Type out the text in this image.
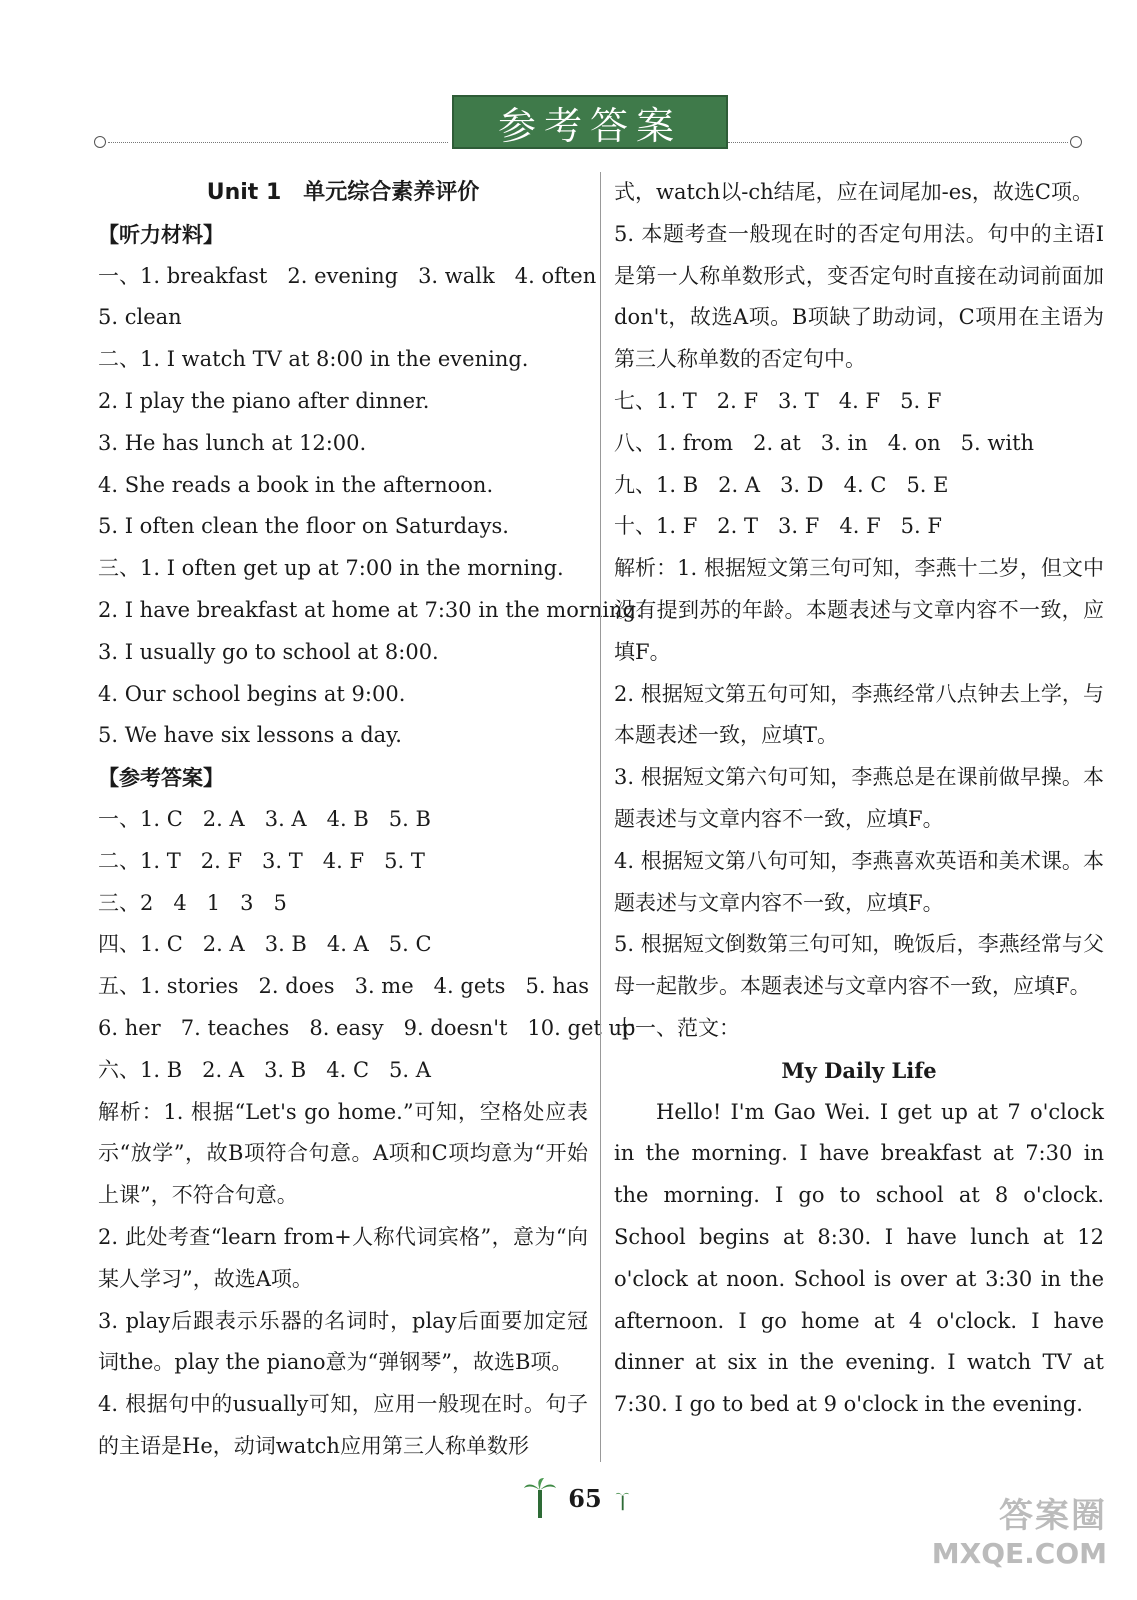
参考答案

Unit 1　单元综合素养评价

【听力材料】

一、1. breakfast   2. evening   3. walk   4. often

5. clean

二、1. I watch TV at 8:00 in the evening.

2. I play the piano after dinner.

3. He has lunch at 12:00.

4. She reads a book in the afternoon.

5. I often clean the floor on Saturdays.

三、1. I often get up at 7:00 in the morning.

2. I have breakfast at home at 7:30 in the morning.

3. I usually go to school at 8:00.

4. Our school begins at 9:00.

5. We have six lessons a day.

【参考答案】

一、1. C   2. A   3. A   4. B   5. B

二、1. T   2. F   3. T   4. F   5. T

三、2   4   1   3   5

四、1. C   2. A   3. B   4. A   5. C

五、1. stories   2. does   3. me   4. gets   5. has

6. her   7. teaches   8. easy   9. doesn't   10. get up

六、1. B   2. A   3. B   4. C   5. A

解析：1. 根据“Let's go home.”可知，空格处应表示“放学”，故B项符合句意。A项和C项均意为“开始上课”，不符合句意。

2. 此处考查“learn from+人称代词宾格”，意为“向某人学习”，故选A项。

3. play后跟表示乐器的名词时，play后面要加定冠词the。play the piano意为“弹钢琴”，故选B项。

4. 根据句中的usually可知，应用一般现在时。句子的主语是He，动词watch应用第三人称单数形

式，watch以-ch结尾，应在词尾加-es，故选C项。

5. 本题考查一般现在时的否定句用法。句中的主语I是第一人称单数形式，变否定句时直接在动词前面加don't，故选A项。B项缺了助动词，C项用在主语为第三人称单数的否定句中。

七、1. T   2. F   3. T   4. F   5. F

八、1. from   2. at   3. in   4. on   5. with

九、1. B   2. A   3. D   4. C   5. E

十、1. F   2. T   3. F   4. F   5. F

解析：1. 根据短文第三句可知，李燕十二岁，但文中没有提到苏的年龄。本题表述与文章内容不一致，应填F。

2. 根据短文第五句可知，李燕经常八点钟去上学，与本题表述一致，应填T。

3. 根据短文第六句可知，李燕总是在课前做早操。本题表述与文章内容不一致，应填F。

4. 根据短文第八句可知，李燕喜欢英语和美术课。本题表述与文章内容不一致，应填F。

5. 根据短文倒数第三句可知，晚饭后，李燕经常与父母一起散步。本题表述与文章内容不一致，应填F。

十一、范文：

My Daily Life

Hello! I'm Gao Wei. I get up at 7 o'clock in the morning. I have breakfast at 7:30 in the morning. I go to school at 8 o'clock. School begins at 8:30. I have lunch at 12 o'clock at noon. School is over at 3:30 in the afternoon. I go home at 4 o'clock. I have dinner at six in the evening. I watch TV at 7:30. I go to bed at 9 o'clock in the evening.

65	答案圈
MXQE.COM
